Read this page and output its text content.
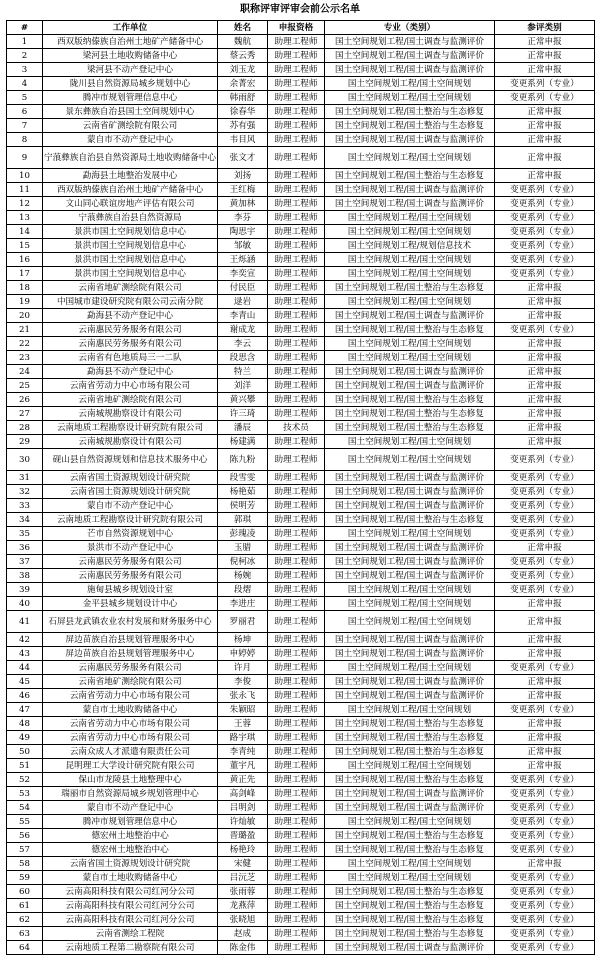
职称评审评审会前公示名单
#	工作单位	姓名	申报资格	专业（类别）	参评类别
1	西双版纳傣族自治州土地矿产储备中心	魏航	助理工程师	国土空间规划工程/国土调查与监测评价	正常申报
2	梁河县土地收购储备中心	蔡云秀	助理工程师	国土空间规划工程/国土调查与监测评价	正常申报
3	梁河县不动产登记中心	刘玉龙	助理工程师	国土空间规划工程/国土调查与监测评价	正常申报
4	陇川县自然资源局城乡规划中心	余菁宏	助理工程师	国土空间规划工程/国土空间规划	变更系列（专业）
5	腾冲市规划管理信息中心	韩雨舒	助理工程师	国土空间规划工程/国土空间规划	变更系列（专业）
6	景东彝族自治县国土空间规划中心	徐春华	助理工程师	国土空间规划工程/国土整治与生态修复	正常申报
7	云南省矿测绘院有限公司	苏有强	助理工程师	国土空间规划工程/国土整治与生态修复	正常申报
8	蒙自市不动产登记中心	韦目风	助理工程师	国土空间规划工程/国土调查与监测评价	正常申报
9	宁蒗彝族自治县自然资源局土地收购储备中心	张文才	助理工程师	国土空间规划工程/国土空间规划	正常申报
10	勐海县土地整治发展中心	刘扬	助理工程师	国土空间规划工程/国土整治与生态修复	正常申报
11	西双版纳傣族自治州土地矿产储备中心	王红梅	助理工程师	国土空间规划工程/国土调查与监测评价	变更系列（专业）
12	文山同心联谊房地产评估有限公司	黄加林	助理工程师	国土空间规划工程/国土调查与监测评价	变更系列（专业）
13	宁蒗彝族自治县自然资源局	李芬	助理工程师	国土空间规划工程/国土空间规划	变更系列（专业）
14	景洪市国土空间规划信息中心	陶思宇	助理工程师	国土空间规划工程/国土空间规划	变更系列（专业）
15	景洪市国土空间规划信息中心	邹敏	助理工程师	国土空间规划工程/规划信息技术	变更系列（专业）
16	景洪市国土空间规划信息中心	王烁涵	助理工程师	国土空间规划工程/国土空间规划	变更系列（专业）
17	景洪市国土空间规划信息中心	李奕宣	助理工程师	国土空间规划工程/国土空间规划	变更系列（专业）
18	云南省地矿测绘院有限公司	付民臣	助理工程师	国土空间规划工程/国土整治与生态修复	正常申报
19	中国城市建设研究院有限公司云南分院	逯岩	助理工程师	国土空间规划工程/国土空间规划	正常申报
20	勐海县不动产登记中心	李青山	助理工程师	国土空间规划工程/国土调查与监测评价	正常申报
21	云南惠民劳务服务有限公司	谢成龙	助理工程师	国土空间规划工程/国土整治与生态修复	变更系列（专业）
22	云南惠民劳务服务有限公司	李云	助理工程师	国土空间规划工程/国土空间规划	正常申报
23	云南省有色地质局三一二队	段思含	助理工程师	国土空间规划工程/国土空间规划	正常申报
24	勐海县不动产登记中心	特兰	助理工程师	国土空间规划工程/国土调查与监测评价	正常申报
25	云南省劳动力中心市场有限公司	刘洋	助理工程师	国土空间规划工程/国土调查与监测评价	正常申报
26	云南省地矿测绘院有限公司	黄兴攀	助理工程师	国土空间规划工程/国土整治与生态修复	正常申报
27	云南城规勘察设计有限公司	许三琦	助理工程师	国土空间规划工程/国土整治与生态修复	正常申报
28	云南地质工程勘察设计研究院有限公司	潘辰	技术员	国土空间规划工程/国土整治与生态修复	正常申报
29	云南城规勘察设计有限公司	杨建满	助理工程师	国土空间规划工程/国土空间规划	正常申报
30	砚山县自然资源规划和信息技术服务中心	陈九粉	助理工程师	国土空间规划工程/国土空间规划	变更系列（专业）
31	云南省国土资源规划设计研究院	段雪雯	助理工程师	国土空间规划工程/国土调查与监测评价	变更系列（专业）
32	云南省国土资源规划设计研究院	杨艳茹	助理工程师	国土空间规划工程/国土调查与监测评价	变更系列（专业）
33	蒙自市不动产登记中心	侯明芳	助理工程师	国土空间规划工程/国土调查与监测评价	变更系列（专业）
34	云南地质工程勘察设计研究院有限公司	郭琪	助理工程师	国土空间规划工程/国土整治与生态修复	变更系列（专业）
35	芒市自然资源规划中心	彭瑰凌	助理工程师	国土空间规划工程/国土空间规划	变更系列（专业）
36	景洪市不动产登记中心	玉腊	助理工程师	国土空间规划工程/国土调查与监测评价	正常申报
37	云南惠民劳务服务有限公司	倪柯冰	助理工程师	国土空间规划工程/国土调查与监测评价	变更系列（专业）
38	云南惠民劳务服务有限公司	杨婉	助理工程师	国土空间规划工程/国土调查与监测评价	变更系列（专业）
39	施甸县城乡规划设计室	段熠	助理工程师	国土空间规划工程/国土空间规划	变更系列（专业）
40	金平县城乡规划设计中心	李进庄	助理工程师	国土空间规划工程/国土空间规划	正常申报
41	石屏县龙武镇农业农村发展和财务服务中心	罗丽君	助理工程师	国土空间规划工程/国土空间规划	正常申报
42	屏边苗族自治县规划管理服务中心	杨坤	助理工程师	国土空间规划工程/国土调查与监测评价	正常申报
43	屏边苗族自治县规划管理服务中心	申婷婷	助理工程师	国土空间规划工程/国土调查与监测评价	正常申报
44	云南惠民劳务服务有限公司	许月	助理工程师	国土空间规划工程/国土空间规划	变更系列（专业）
45	云南省地矿测绘院有限公司	李俊	助理工程师	国土空间规划工程/国土调查与监测评价	正常申报
46	云南省劳动力中心市场有限公司	张永飞	助理工程师	国土空间规划工程/国土调查与监测评价	正常申报
47	蒙自市土地收购储备中心	朱颖昭	助理工程师	国土空间规划工程/国土空间规划	变更系列（专业）
48	云南省劳动力中心市场有限公司	王蓉	助理工程师	国土空间规划工程/国土整治与生态修复	正常申报
49	云南省劳动力中心市场有限公司	路宇琪	助理工程师	国土空间规划工程/国土整治与生态修复	正常申报
50	云南众成人才派遣有限责任公司	李青纯	助理工程师	国土空间规划工程/国土整治与生态修复	正常申报
51	昆明理工大学设计研究院有限公司	董宇凡	助理工程师	国土空间规划工程/国土空间规划	正常申报
52	保山市龙陵县土地整理中心	黄正先	助理工程师	国土空间规划工程/国土整治与生态修复	变更系列（专业）
53	瑞丽市自然资源局城乡规划管理中心	高剑峰	助理工程师	国土空间规划工程/国土调查与监测评价	变更系列（专业）
54	蒙自市不动产登记中心	吕明剑	助理工程师	国土空间规划工程/国土调查与监测评价	变更系列（专业）
55	腾冲市规划管理信息中心	许灿敏	助理工程师	国土空间规划工程/国土空间规划	变更系列（专业）
56	德宏州土地整治中心	晋璐盈	助理工程师	国土空间规划工程/国土整治与生态修复	变更系列（专业）
57	德宏州土地整治中心	杨艳玲	助理工程师	国土空间规划工程/国土整治与生态修复	变更系列（专业）
58	云南省国土资源规划设计研究院	宋健	助理工程师	国土空间规划工程/国土空间规划	正常申报
59	蒙自市土地收购储备中心	吕沅芝	助理工程师	国土空间规划工程/国土空间规划	变更系列（专业）
60	云南高阳科技有限公司红河分公司	张雨蓉	助理工程师	国土空间规划工程/国土整治与生态修复	变更系列（专业）
61	云南高阳科技有限公司红河分公司	龙燕萍	助理工程师	国土空间规划工程/国土整治与生态修复	变更系列（专业）
62	云南高阳科技有限公司红河分公司	张晓旭	助理工程师	国土空间规划工程/国土整治与生态修复	变更系列（专业）
63	云南省测绘工程院	赵成	助理工程师	国土空间规划工程/国土整治与生态修复	变更系列（专业）
64	云南地质工程第二勘察院有限公司	陈金伟	助理工程师	国土空间规划工程/国土调查与监测评价	变更系列（专业）
